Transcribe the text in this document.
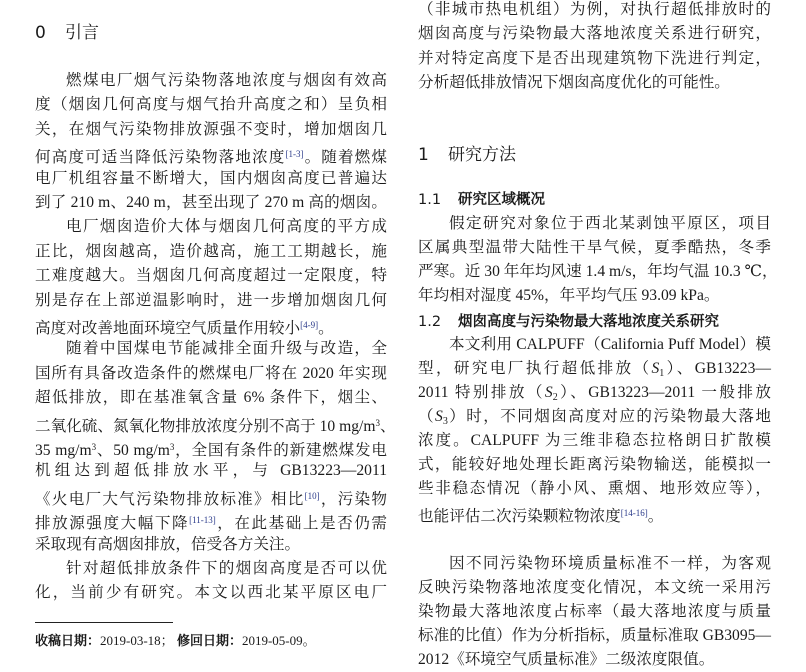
0 引言
燃煤电厂烟气污染物落地浓度与烟囱有效高
度（烟囱几何高度与烟气抬升高度之和）呈负相
关，在烟气污染物排放源强不变时，增加烟囱几
何高度可适当降低污染物落地浓度[1-3]。随着燃煤
电厂机组容量不断增大，国内烟囱高度已普遍达
到了 210 m、240 m，甚至出现了 270 m 高的烟囱。
电厂烟囱造价大体与烟囱几何高度的平方成
正比，烟囱越高，造价越高，施工工期越长，施
工难度越大。当烟囱几何高度超过一定限度，特
别是存在上部逆温影响时，进一步增加烟囱几何
高度对改善地面环境空气质量作用较小[4-9]。
随着中国煤电节能减排全面升级与改造，全
国所有具备改造条件的燃煤电厂将在 2020 年实现
超低排放，即在基准氧含量 6% 条件下，烟尘、
二氧化硫、氮氧化物排放浓度分别不高于 10 $mg/m^3$、
35 $mg/m^3$、50 $mg/m^3$，全国有条件的新建燃煤发电
机组达到超低排放水平，与 GB13223—2011
《火电厂大气污染物排放标准》相比[10]，污染物
排放源强度大幅下降[11-13]，在此基础上是否仍需
采取现有高烟囱排放，倍受各方关注。
针对超低排放条件下的烟囱高度是否可以优
化，当前少有研究。本文以西北某平原区电厂
收稿日期：2019-03-18； 修回日期：2019-05-09。
（非城市热电机组）为例，对执行超低排放时的
烟囱高度与污染物最大落地浓度关系进行研究，
并对特定高度下是否出现建筑物下洗进行判定，
分析超低排放情况下烟囱高度优化的可能性。
1 研究方法
1.1 研究区域概况
假定研究对象位于西北某剥蚀平原区，项目
区属典型温带大陆性干旱气候，夏季酷热，冬季
严寒。近 30 年年均风速 1.4 m/s，年均气温 10.3 ℃，
年均相对湿度 45%，年平均气压 93.09 kPa。
1.2 烟囱高度与污染物最大落地浓度关系研究
本文利用 CALPUFF（California Puff Model）模
型，研究电厂执行超低排放$(S_1)$、GB13223—
2011 特别排放$(S_2)$、GB13223—2011 一般排放
$(S_3)$时，不同烟囱高度对应的污染物最大落地
浓度。CALPUFF 为三维非稳态拉格朗日扩散模
式，能较好地处理长距离污染物输送，能模拟一
些非稳态情况（静小风、熏烟、地形效应等），
也能评估二次污染颗粒物浓度[14-16]。
因不同污染物环境质量标准不一样，为客观
反映污染物落地浓度变化情况，本文统一采用污
染物最大落地浓度占标率（最大落地浓度与质量
标准的比值）作为分析指标，质量标准取 GB3095—
2012《环境空气质量标准》二级浓度限值。
